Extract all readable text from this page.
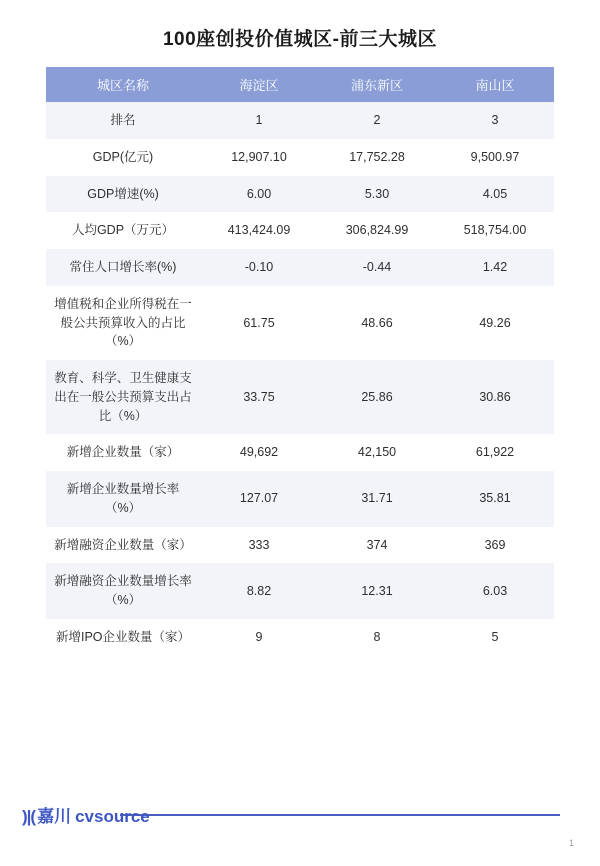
100座创投价值城区-前三大城区
城区名称	海淀区	浦东新区	南山区
排名	1	2	3
GDP(亿元)	12,907.10	17,752.28	9,500.97
GDP增速(%)	6.00	5.30	4.05
人均GDP（万元）	413,424.09	306,824.99	518,754.00
常住人口增长率(%)	-0.10	-0.44	1.42
增值税和企业所得税在一般公共预算收入的占比（%）	61.75	48.66	49.26
教育、科学、卫生健康支出在一般公共预算支出占比（%）	33.75	25.86	30.86
新增企业数量（家）	49,692	42,150	61,922
新增企业数量增长率（%）	127.07	31.71	35.81
新增融资企业数量（家）	333	374	369
新增融资企业数量增长率（%）	8.82	12.31	6.03
新增IPO企业数量（家）	9	8	5
)|( 嘉川 cvsource
1
